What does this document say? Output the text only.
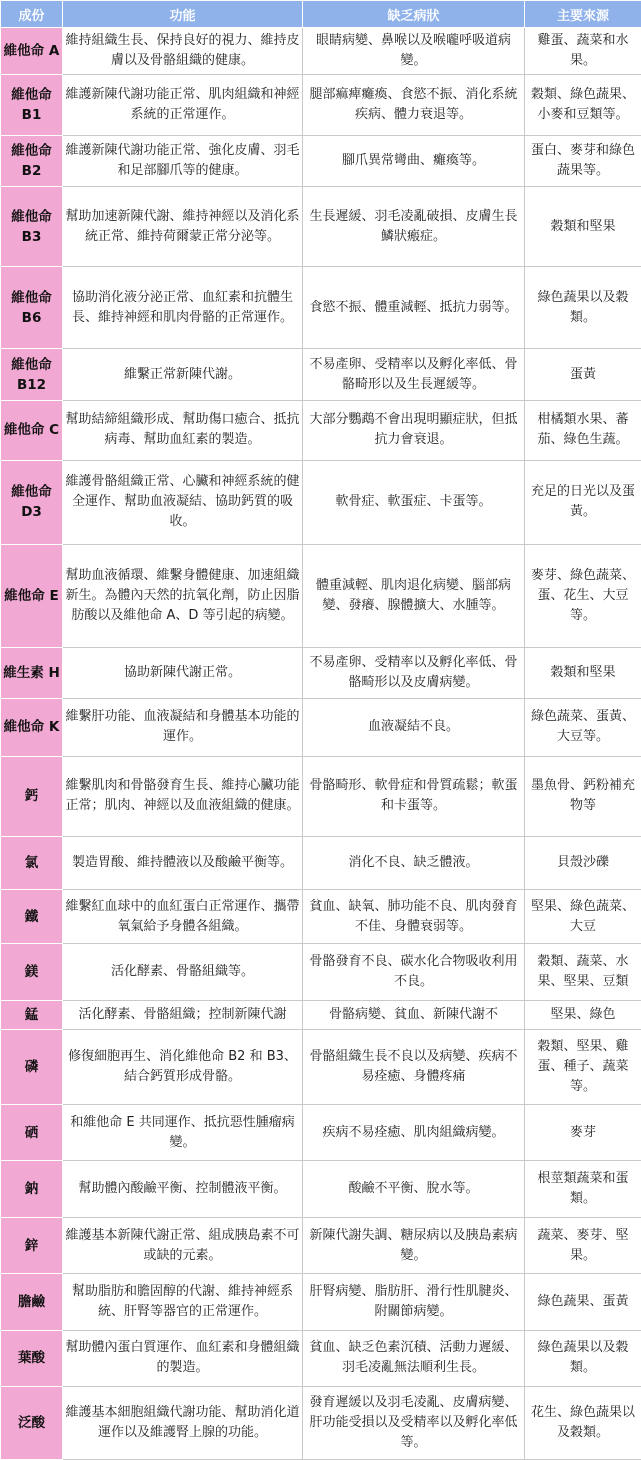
成份	功能	缺乏病狀	主要來源
維他命 A	維持組織生長、保持良好的視力、維持皮膚以及骨骼組織的健康。	眼睛病變、鼻喉以及喉嚨呼吸道病變。	雞蛋、蔬菜和水果。
維他命 B1	維護新陳代謝功能正常、肌肉組織和神經系統的正常運作。	腿部痲痺癱瘓、食慾不振、消化系統疾病、體力衰退等。	穀類、綠色蔬果、小麥和豆類等。
維他命 B2	維護新陳代謝功能正常、強化皮膚、羽毛和足部腳爪等的健康。	腳爪異常彎曲、癱瘓等。	蛋白、麥芽和綠色蔬果等。
維他命 B3	幫助加速新陳代謝、維持神經以及消化系統正常、維持荷爾蒙正常分泌等。	生長遲緩、羽毛凌亂破損、皮膚生長鱗狀瘢症。	穀類和堅果
維他命 B6	協助消化液分泌正常、血紅素和抗體生長、維持神經和肌肉骨骼的正常運作。	食慾不振、體重減輕、抵抗力弱等。	綠色蔬果以及穀類。
維他命 B12	維繫正常新陳代謝。	不易產卵、受精率以及孵化率低、骨骼畸形以及生長遲緩等。	蛋黃
維他命 C	幫助結締組織形成、幫助傷口癒合、抵抗病毒、幫助血紅素的製造。	大部分鸚鵡不會出現明顯症狀，但抵抗力會衰退。	柑橘類水果、蕃茄、綠色生蔬。
維他命 D3	維護骨骼組織正常、心臟和神經系統的健全運作、幫助血液凝結、協助鈣質的吸收。	軟骨症、軟蛋症、卡蛋等。	充足的日光以及蛋黃。
維他命 E	幫助血液循環、維繫身體健康、加速組織新生。為體內天然的抗氧化劑，防止因脂肪酸以及維他命 A、D 等引起的病變。	體重減輕、肌肉退化病變、腦部病變、發癢、腺體擴大、水腫等。	麥芽、綠色蔬菜、蛋、花生、大豆等。
維生素 H	協助新陳代謝正常。	不易產卵、受精率以及孵化率低、骨骼畸形以及皮膚病變。	穀類和堅果
維他命 K	維繫肝功能、血液凝結和身體基本功能的運作。	血液凝結不良。	綠色蔬菜、蛋黃、大豆等。
鈣	維繫肌肉和骨骼發育生長、維持心臟功能正常；肌肉、神經以及血液組織的健康。	骨骼畸形、軟骨症和骨質疏鬆；軟蛋和卡蛋等。	墨魚骨、鈣粉補充物等
氯	製造胃酸、維持體液以及酸鹼平衡等。	消化不良、缺乏體液。	貝殼沙礫
鐵	維繫紅血球中的血紅蛋白正常運作、攜帶氧氣給予身體各組織。	貧血、缺氧、肺功能不良、肌肉發育不佳、身體衰弱等。	堅果、綠色蔬菜、大豆
鎂	活化酵素、骨骼組織等。	骨骼發育不良、碳水化合物吸收利用不良。	穀類、蔬菜、水果、堅果、豆類
錳	活化酵素、骨骼組織；控制新陳代謝	骨骼病變、貧血、新陳代謝不	堅果、綠色
磷	修復細胞再生、消化維他命 B2 和 B3、結合鈣質形成骨骼。	骨骼組織生長不良以及病變、疾病不易痊癒、身體疼痛	穀類、堅果、雞蛋、種子、蔬菜等。
硒	和維他命 E 共同運作、抵抗惡性腫瘤病變。	疾病不易痊癒、肌肉組織病變。	麥芽
鈉	幫助體內酸鹼平衡、控制體液平衡。	酸鹼不平衡、脫水等。	根莖類蔬菜和蛋類。
鋅	維護基本新陳代謝正常、組成胰島素不可或缺的元素。	新陳代謝失調、糖尿病以及胰島素病變。	蔬菜、麥芽、堅果。
膽鹼	幫助脂肪和膽固醇的代謝、維持神經系統、肝腎等器官的正常運作。	肝腎病變、脂肪肝、滑行性肌腱炎、附關節病變。	綠色蔬果、蛋黃
葉酸	幫助體內蛋白質運作、血紅素和身體組織的製造。	貧血、缺乏色素沉積、活動力遲緩、羽毛凌亂無法順利生長。	綠色蔬果以及穀類。
泛酸	維護基本細胞組織代謝功能、幫助消化道運作以及維護腎上腺的功能。	發育遲緩以及羽毛凌亂、皮膚病變、肝功能受損以及受精率以及孵化率低等。	花生、綠色蔬果以及穀類。
